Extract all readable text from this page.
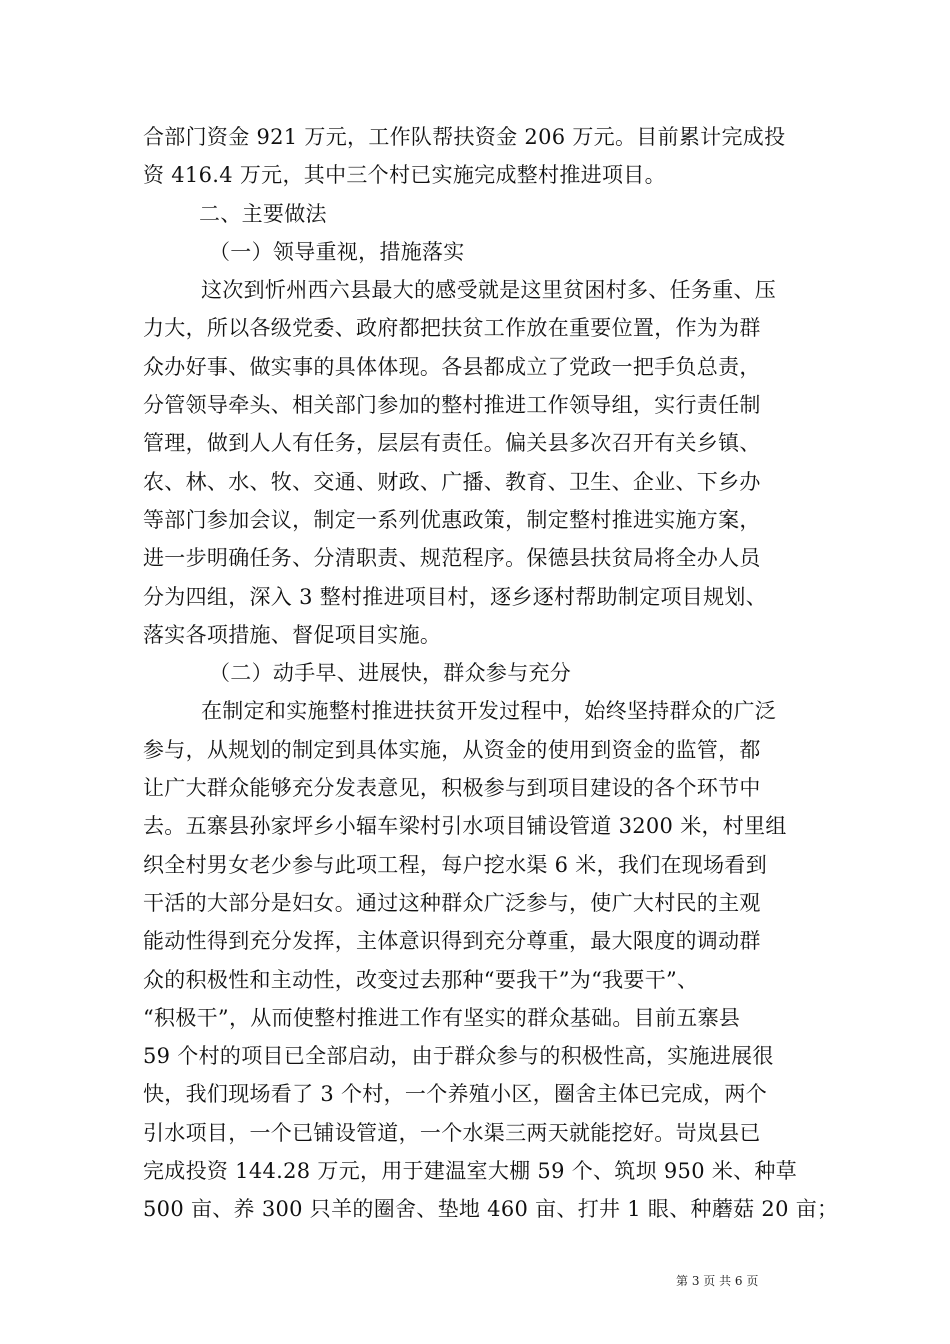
合部门资金 921 万元，工作队帮扶资金 206 万元。目前累计完成投
资 416.4 万元，其中三个村已实施完成整村推进项目。
二、主要做法
（一）领导重视，措施落实
这次到忻州西六县最大的感受就是这里贫困村多、任务重、压
力大，所以各级党委、政府都把扶贫工作放在重要位置，作为为群
众办好事、做实事的具体体现。各县都成立了党政一把手负总责，
分管领导牵头、相关部门参加的整村推进工作领导组，实行责任制
管理，做到人人有任务，层层有责任。偏关县多次召开有关乡镇、
农、林、水、牧、交通、财政、广播、教育、卫生、企业、下乡办
等部门参加会议，制定一系列优惠政策，制定整村推进实施方案，
进一步明确任务、分清职责、规范程序。保德县扶贫局将全办人员
分为四组，深入 3 整村推进项目村，逐乡逐村帮助制定项目规划、
落实各项措施、督促项目实施。
（二）动手早、进展快，群众参与充分
在制定和实施整村推进扶贫开发过程中，始终坚持群众的广泛
参与，从规划的制定到具体实施，从资金的使用到资金的监管，都
让广大群众能够充分发表意见，积极参与到项目建设的各个环节中
去。五寨县孙家坪乡小辐车梁村引水项目铺设管道 3200 米，村里组
织全村男女老少参与此项工程，每户挖水渠 6 米，我们在现场看到
干活的大部分是妇女。通过这种群众广泛参与，使广大村民的主观
能动性得到充分发挥，主体意识得到充分尊重，最大限度的调动群
众的积极性和主动性，改变过去那种“要我干”为“我要干”、
“积极干”，从而使整村推进工作有坚实的群众基础。目前五寨县
59 个村的项目已全部启动，由于群众参与的积极性高，实施进展很
快，我们现场看了 3 个村，一个养殖小区，圈舍主体已完成，两个
引水项目，一个已铺设管道，一个水渠三两天就能挖好。岢岚县已
完成投资 144.28 万元，用于建温室大棚 59 个、筑坝 950 米、种草
500 亩、养 300 只羊的圈舍、垫地 460 亩、打井 1 眼、种蘑菇 20 亩；
第 3 页 共 6 页
